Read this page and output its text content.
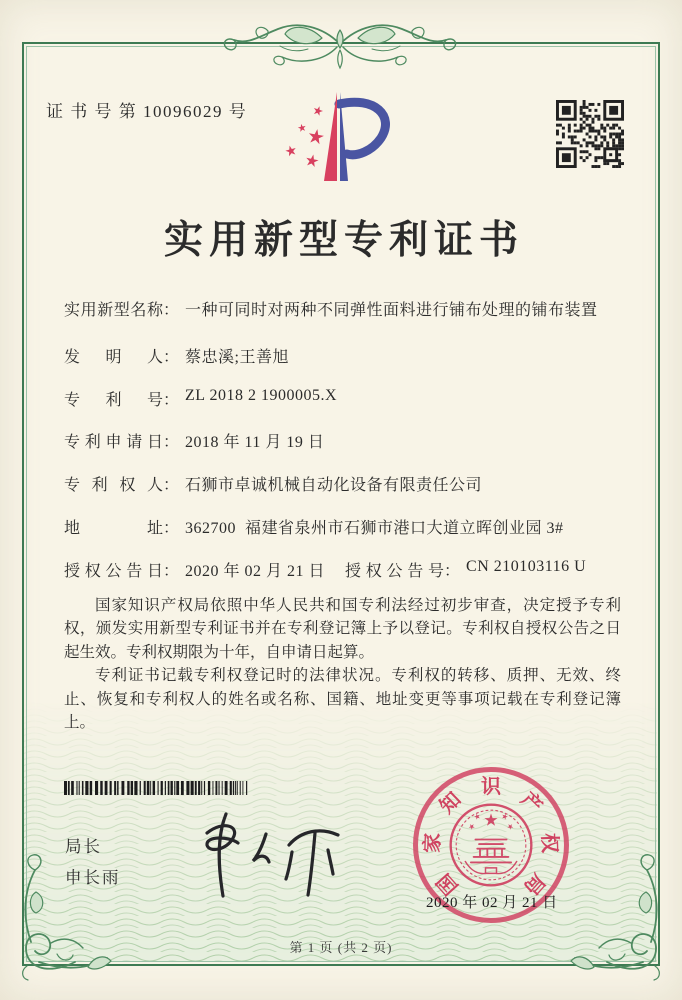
证 书 号 第 10096029 号
实用新型专利证书
实用新型名称： 一种可同时对两种不同弹性面料进行铺布处理的铺布装置
发明人： 蔡忠溪;王善旭
专利号： ZL 2018 2 1900005.X
专利申请日： 2018 年 11 月 19 日
专利权人： 石狮市卓诚机械自动化设备有限责任公司
地址： 362700  福建省泉州市石狮市港口大道立晖创业园 3#
授权公告日： 2020 年 02 月 21 日 授权公告号： CN 210103116 U

国家知识产权局依照中华人民共和国专利法经过初步审查，决定授予专利权，颁发实用新型专利证书并在专利登记簿上予以登记。专利权自授权公告之日起生效。专利权期限为十年，自申请日起算。

专利证书记载专利权登记时的法律状况。专利权的转移、质押、无效、终止、恢复和专利权人的姓名或名称、国籍、地址变更等事项记载在专利登记簿上。

局长
申长雨	国
家
知
识
产
权
局
2020 年 02 月 21 日
第 1 页 (共 2 页)
